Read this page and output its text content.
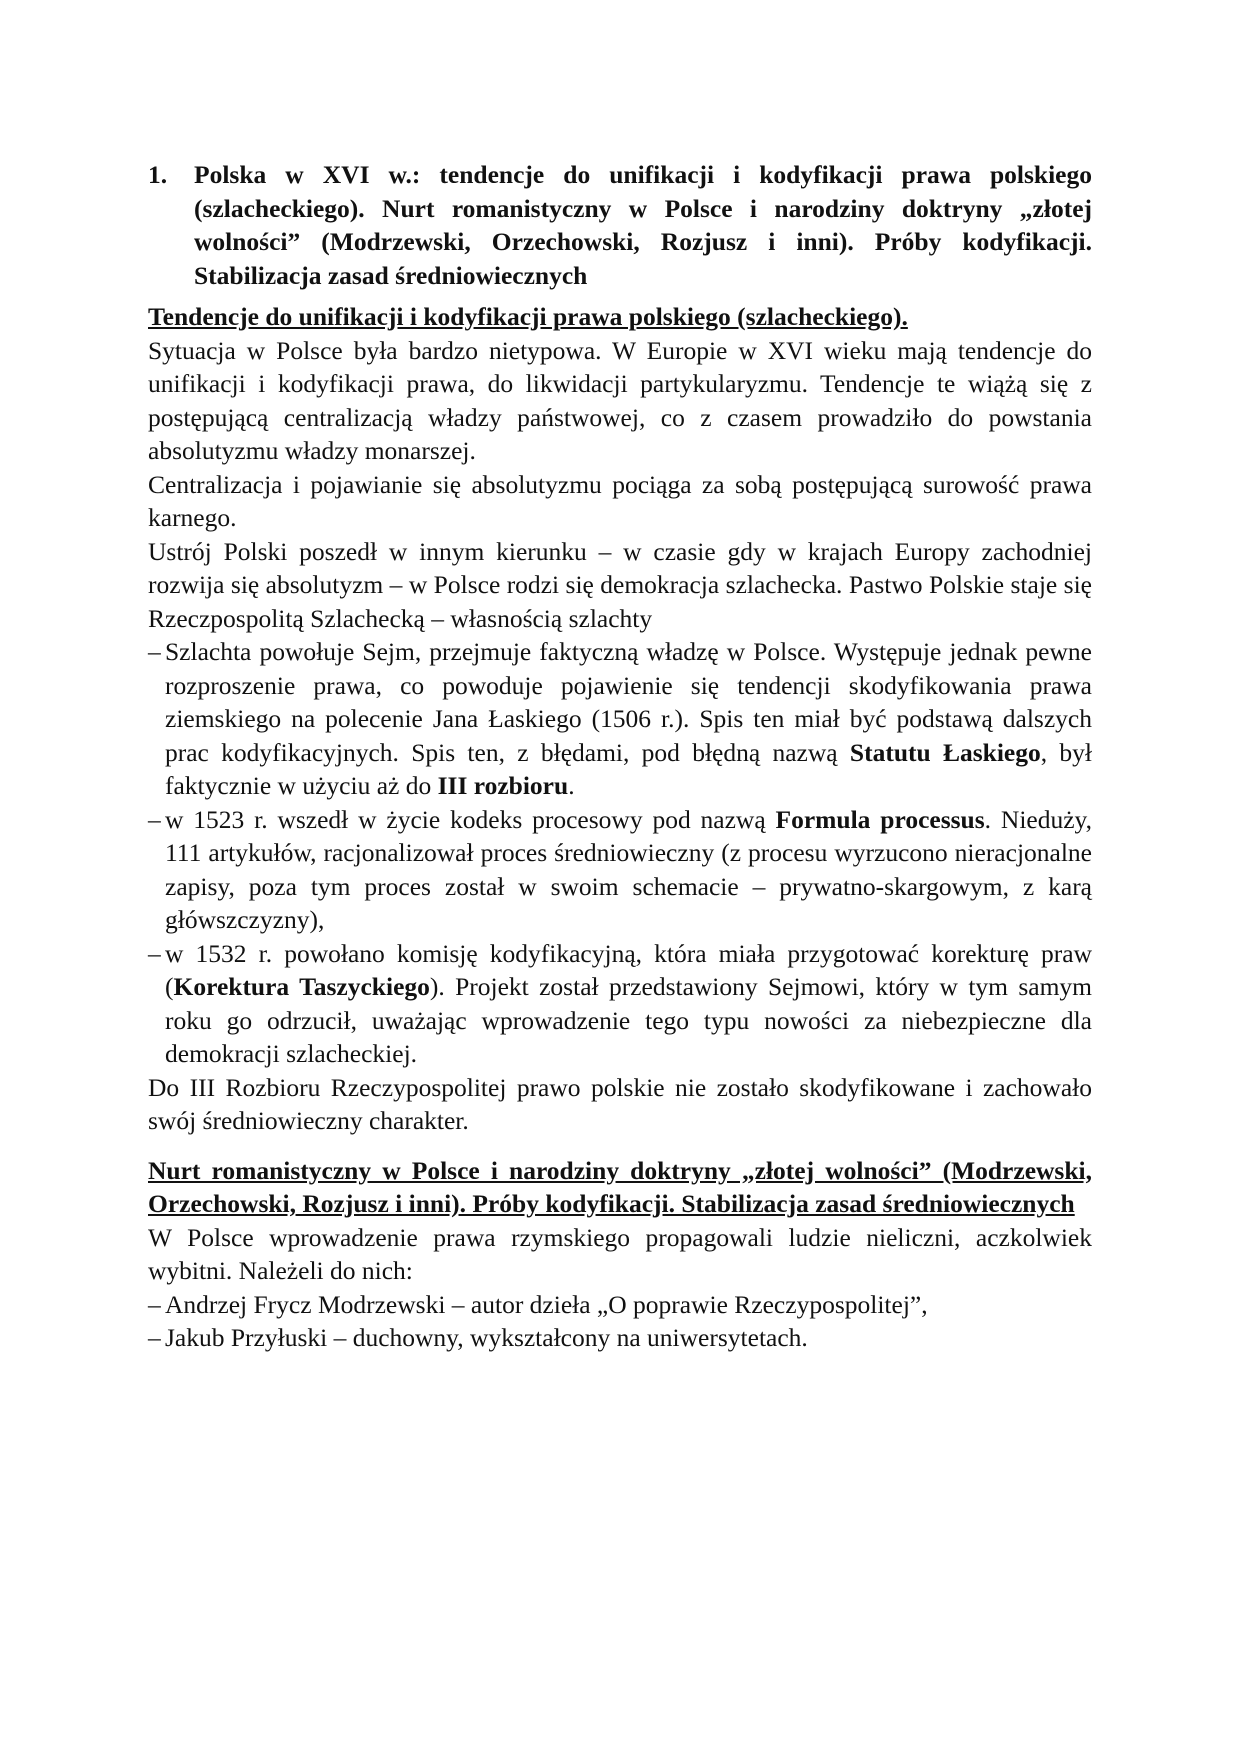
1.	Polska w XVI w.: tendencje do unifikacji i kodyfikacji prawa polskiego (szlacheckiego). Nurt romanistyczny w Polsce i narodziny doktryny „złotej wolności” (Modrzewski, Orzechowski, Rozjusz i inni). Próby kodyfikacji. Stabilizacja zasad średniowiecznych
Tendencje do unifikacji i kodyfikacji prawa polskiego (szlacheckiego).

Sytuacja w Polsce była bardzo nietypowa. W Europie w XVI wieku mają tendencje do unifikacji i kodyfikacji prawa, do likwidacji partykularyzmu. Tendencje te wiążą się z postępującą centralizacją władzy państwowej, co z czasem prowadziło do powstania absolutyzmu władzy monarszej.

Centralizacja i pojawianie się absolutyzmu pociąga za sobą postępującą surowość prawa karnego.

Ustrój Polski poszedł w innym kierunku – w czasie gdy w krajach Europy zachodniej rozwija się absolutyzm – w Polsce rodzi się demokracja szlachecka. Pastwo Polskie staje się Rzeczpospolitą Szlachecką – własnością szlachty

– Szlachta powołuje Sejm, przejmuje faktyczną władzę w Polsce. Występuje jednak pewne rozproszenie prawa, co powoduje pojawienie się tendencji skodyfikowania prawa ziemskiego na polecenie Jana Łaskiego (1506 r.). Spis ten miał być podstawą dalszych prac kodyfikacyjnych. Spis ten, z błędami, pod błędną nazwą Statutu Łaskiego, był faktycznie w użyciu aż do III rozbioru.
– w 1523 r. wszedł w życie kodeks procesowy pod nazwą Formula processus. Nieduży, 111 artykułów, racjonalizował proces średniowieczny (z procesu wyrzucono nieracjonalne zapisy, poza tym proces został w swoim schemacie – prywatno-skargowym, z karą główszczyzny),
– w 1532 r. powołano komisję kodyfikacyjną, która miała przygotować korekturę praw (Korektura Taszyckiego). Projekt został przedstawiony Sejmowi, który w tym samym roku go odrzucił, uważając wprowadzenie tego typu nowości za niebezpieczne dla demokracji szlacheckiej.

Do III Rozbioru Rzeczypospolitej prawo polskie nie zostało skodyfikowane i zachowało swój średniowieczny charakter.

Nurt romanistyczny w Polsce i narodziny doktryny „złotej wolności” (Modrzewski, Orzechowski, Rozjusz i inni). Próby kodyfikacji. Stabilizacja zasad średniowiecznych

W Polsce wprowadzenie prawa rzymskiego propagowali ludzie nieliczni, aczkolwiek wybitni. Należeli do nich:

– Andrzej Frycz Modrzewski – autor dzieła „O poprawie Rzeczypospolitej”,
– Jakub Przyłuski – duchowny, wykształcony na uniwersytetach.
